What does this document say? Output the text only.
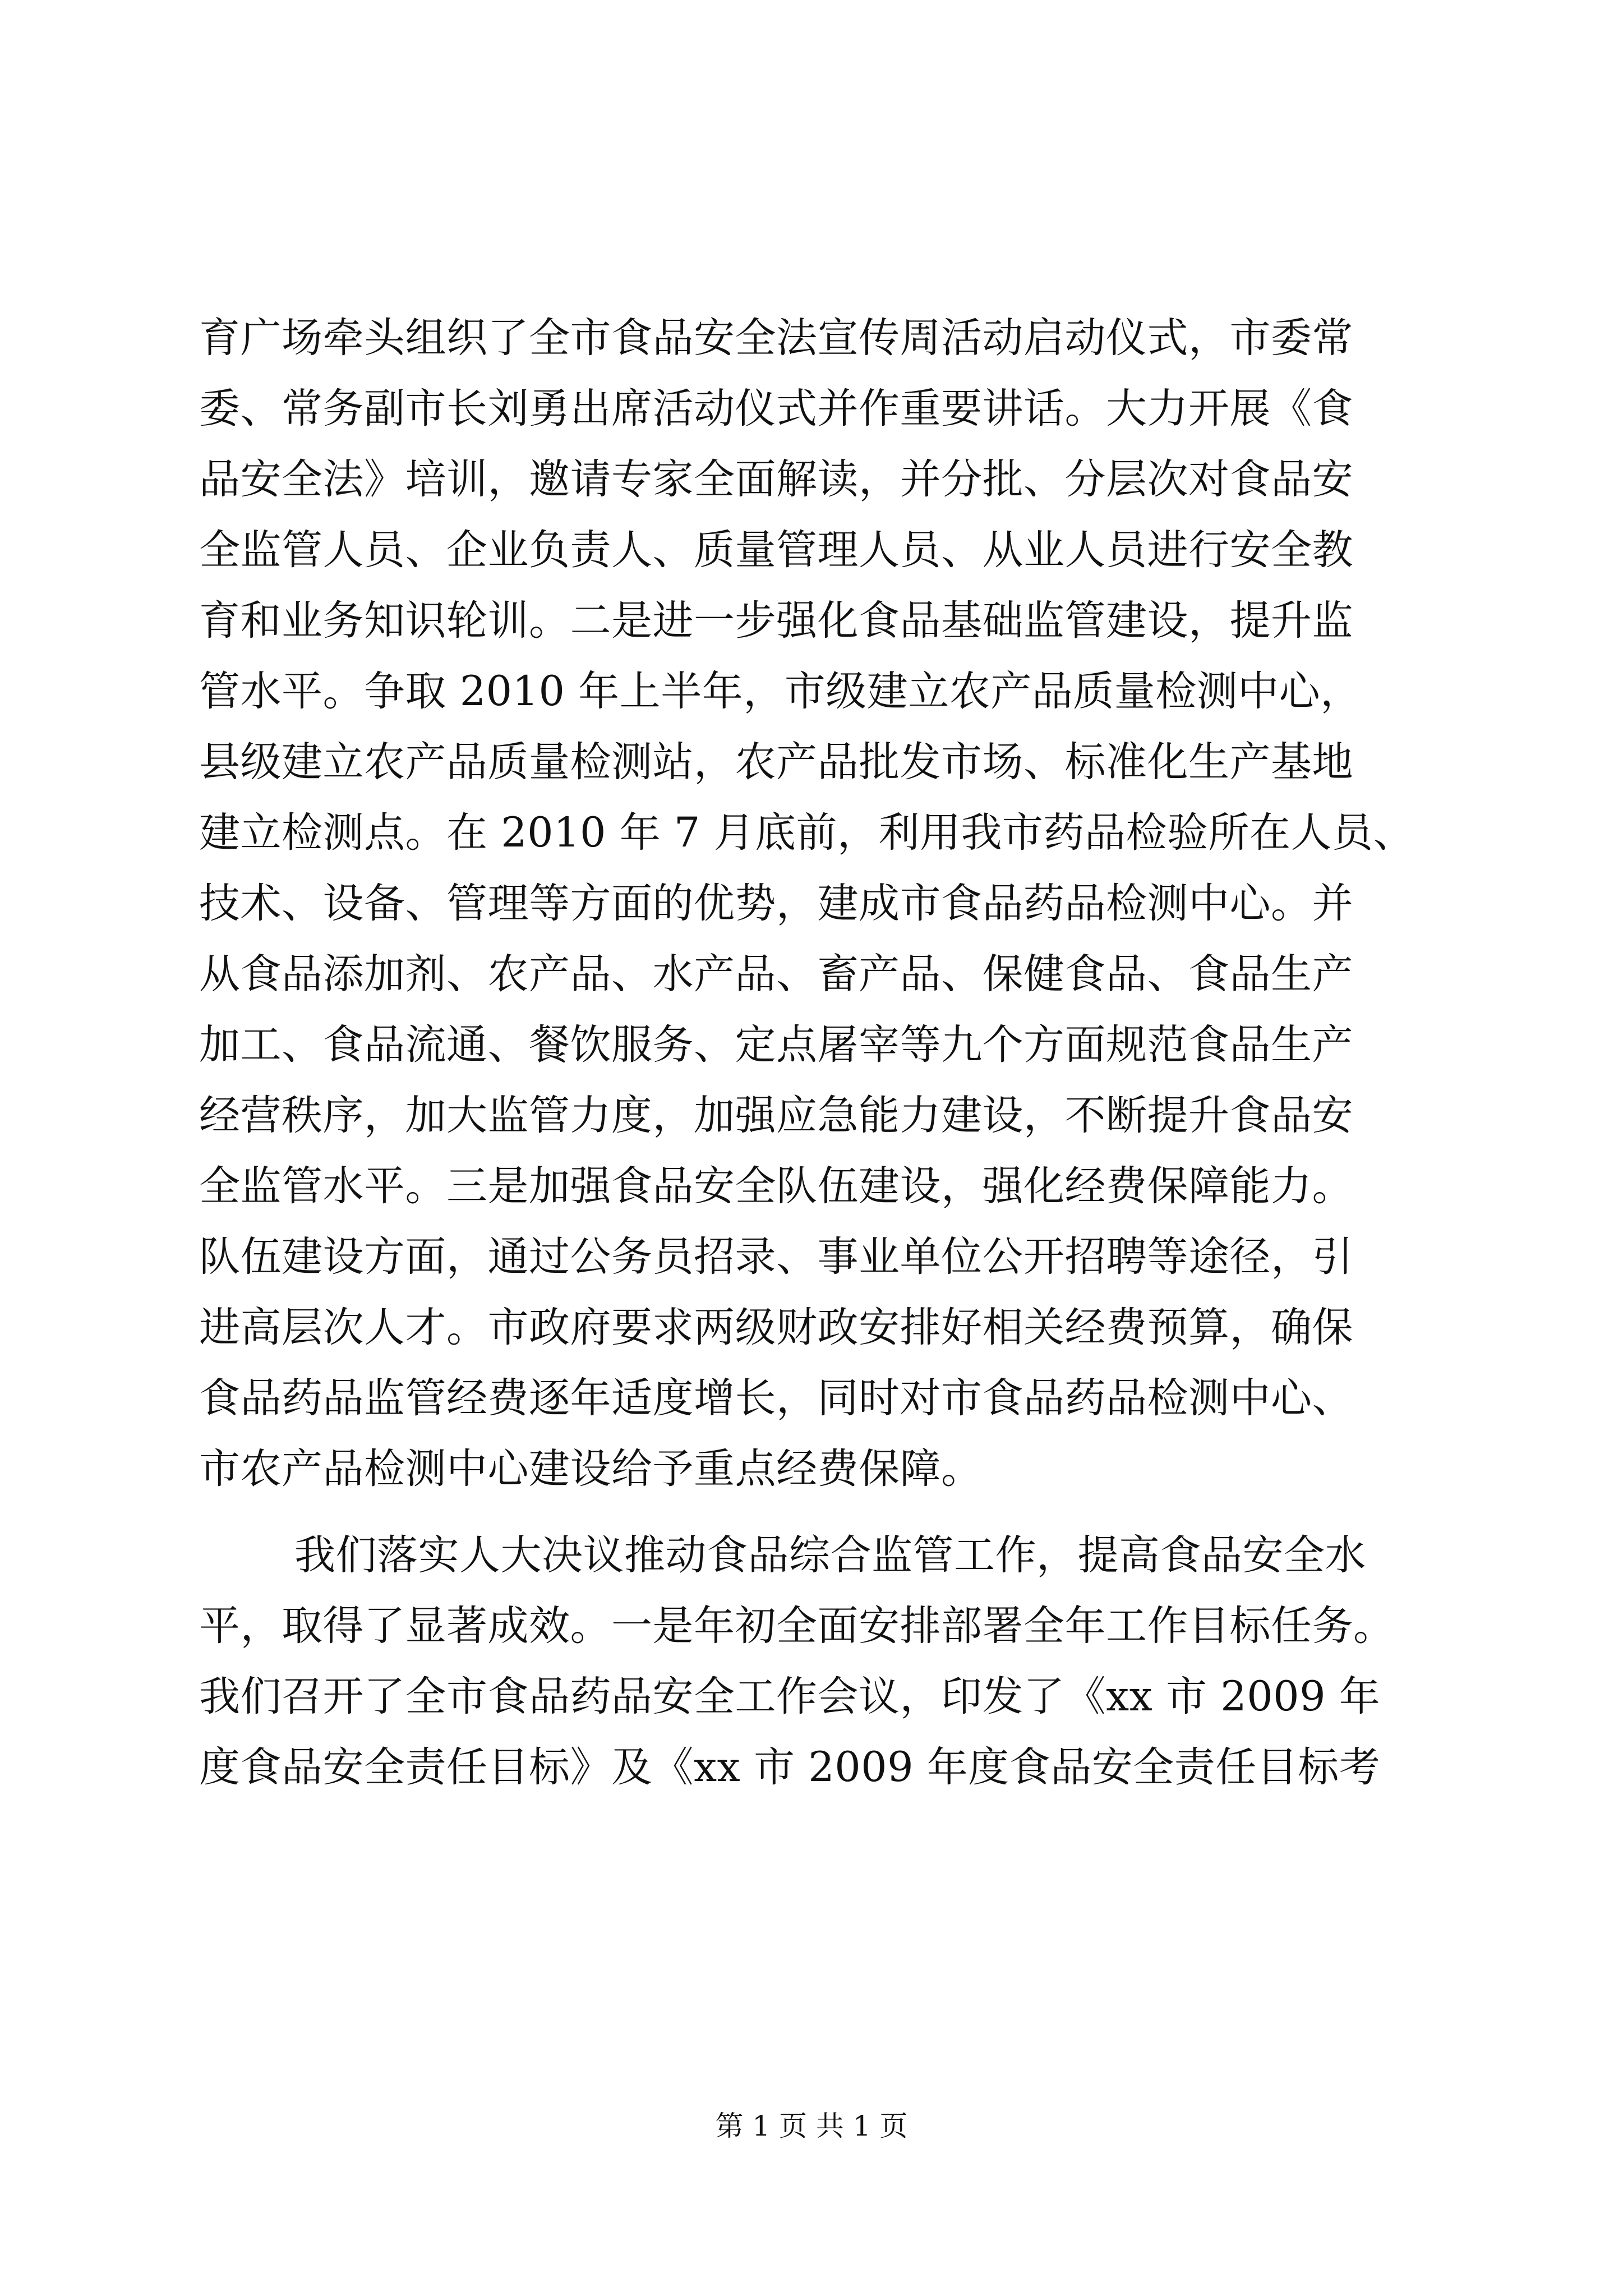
育广场牵头组织了全市食品安全法宣传周活动启动仪式，市委常
委、常务副市长刘勇出席活动仪式并作重要讲话。大力开展《食
品安全法》培训，邀请专家全面解读，并分批、分层次对食品安
全监管人员、企业负责人、质量管理人员、从业人员进行安全教
育和业务知识轮训。二是进一步强化食品基础监管建设，提升监
管水平。争取 2010 年上半年，市级建立农产品质量检测中心，
县级建立农产品质量检测站，农产品批发市场、标准化生产基地
建立检测点。在 2010 年 7 月底前，利用我市药品检验所在人员、
技术、设备、管理等方面的优势，建成市食品药品检测中心。并
从食品添加剂、农产品、水产品、畜产品、保健食品、食品生产
加工、食品流通、餐饮服务、定点屠宰等九个方面规范食品生产
经营秩序，加大监管力度，加强应急能力建设，不断提升食品安
全监管水平。三是加强食品安全队伍建设，强化经费保障能力。
队伍建设方面，通过公务员招录、事业单位公开招聘等途径，引
进高层次人才。市政府要求两级财政安排好相关经费预算，确保
食品药品监管经费逐年适度增长，同时对市食品药品检测中心、
市农产品检测中心建设给予重点经费保障。
我们落实人大决议推动食品综合监管工作，提高食品安全水
平，取得了显著成效。一是年初全面安排部署全年工作目标任务。
我们召开了全市食品药品安全工作会议，印发了《xx 市 2009 年
度食品安全责任目标》及《xx 市 2009 年度食品安全责任目标考
第 1 页 共 1 页
